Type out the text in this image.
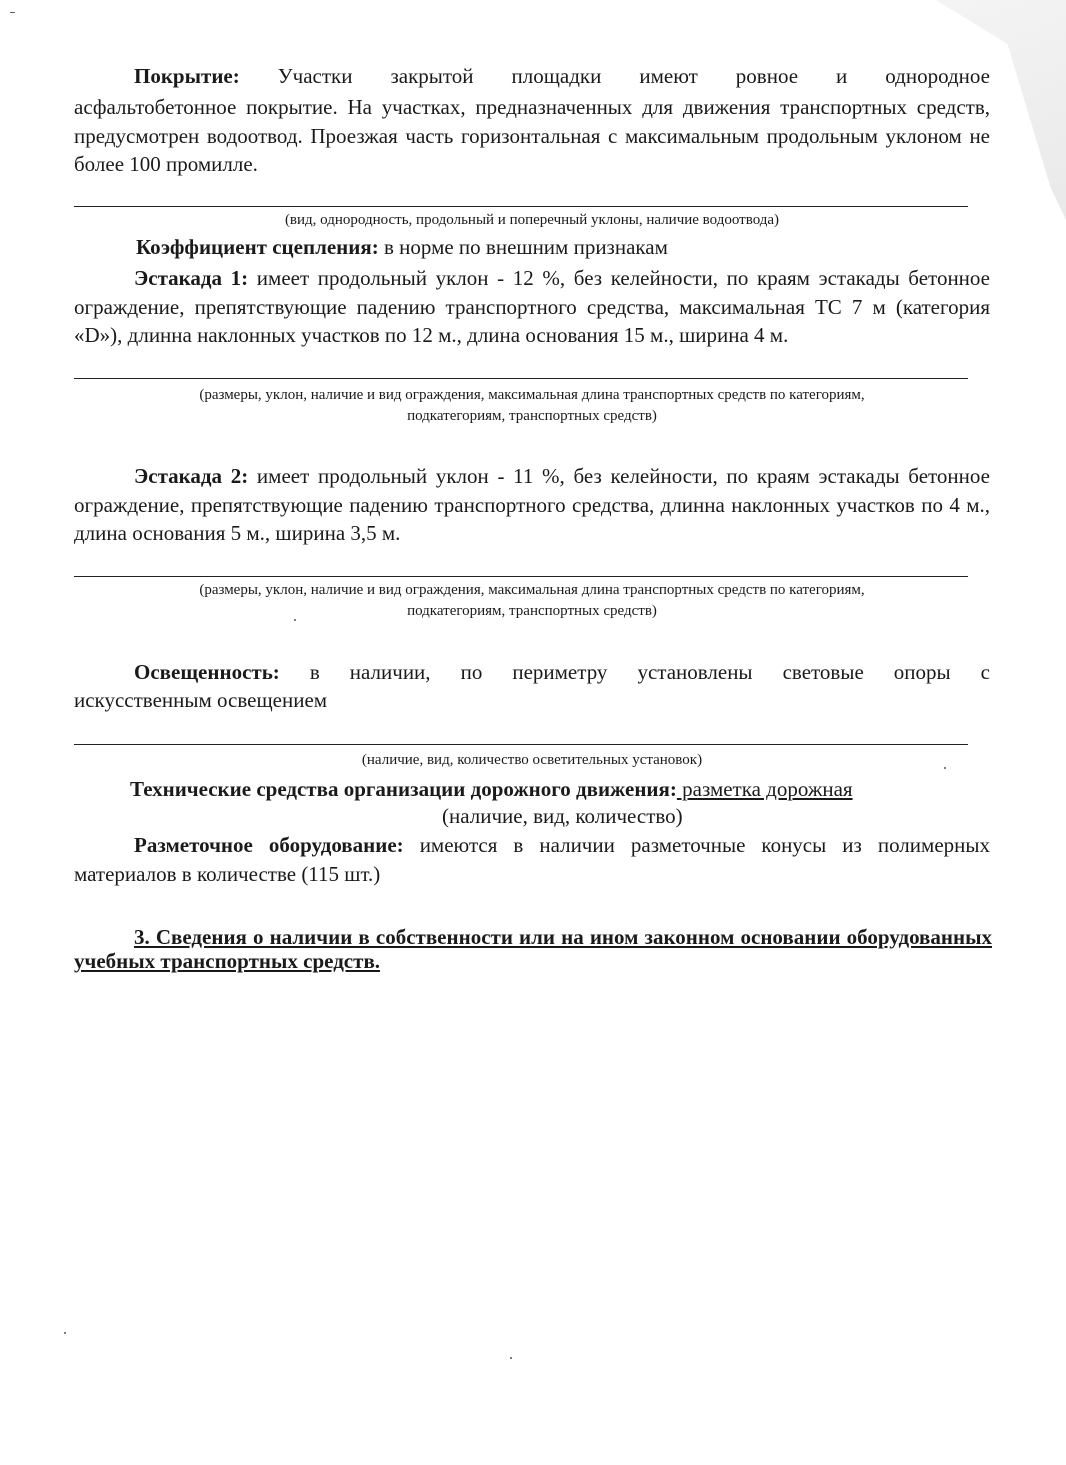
Покрытие: Участки закрытой площадки имеют ровное и однородное
асфальтобетонное покрытие. На участках, предназначенных для движения транспортных средств, предусмотрен водоотвод. Проезжая часть горизонтальная с максимальным продольным уклоном не более 100 промилле.
(вид, однородность, продольный и поперечный уклоны, наличие водоотвода)
Коэффициент сцепления: в норме по внешним признакам
Эстакада 1: имеет продольный уклон - 12 %, без келейности, по краям эстакады бетонное ограждение, препятствующие падению транспортного средства, максимальная ТС 7 м (категория «D»), длинна наклонных участков по 12 м., длина основания 15 м., ширина 4 м.
(размеры, уклон, наличие и вид ограждения, максимальная длина транспортных средств по категориям,
подкатегориям, транспортных средств)
Эстакада 2: имеет продольный уклон - 11 %, без келейности, по краям эстакады бетонное ограждение, препятствующие падению транспортного средства, длинна наклонных участков по 4 м., длина основания 5 м., ширина 3,5 м.
(размеры, уклон, наличие и вид ограждения, максимальная длина транспортных средств по категориям,
подкатегориям, транспортных средств)
Освещенность: в наличии, по периметру установлены световые опоры с
искусственным освещением
(наличие, вид, количество осветительных установок)
Технические средства организации дорожного движения: разметка дорожная
(наличие, вид, количество)
Разметочное оборудование: имеются в наличии разметочные конусы из полимерных материалов в количестве (115 шт.)
3. Сведения о наличии в собственности или на ином законном основании оборудованных учебных транспортных средств.
